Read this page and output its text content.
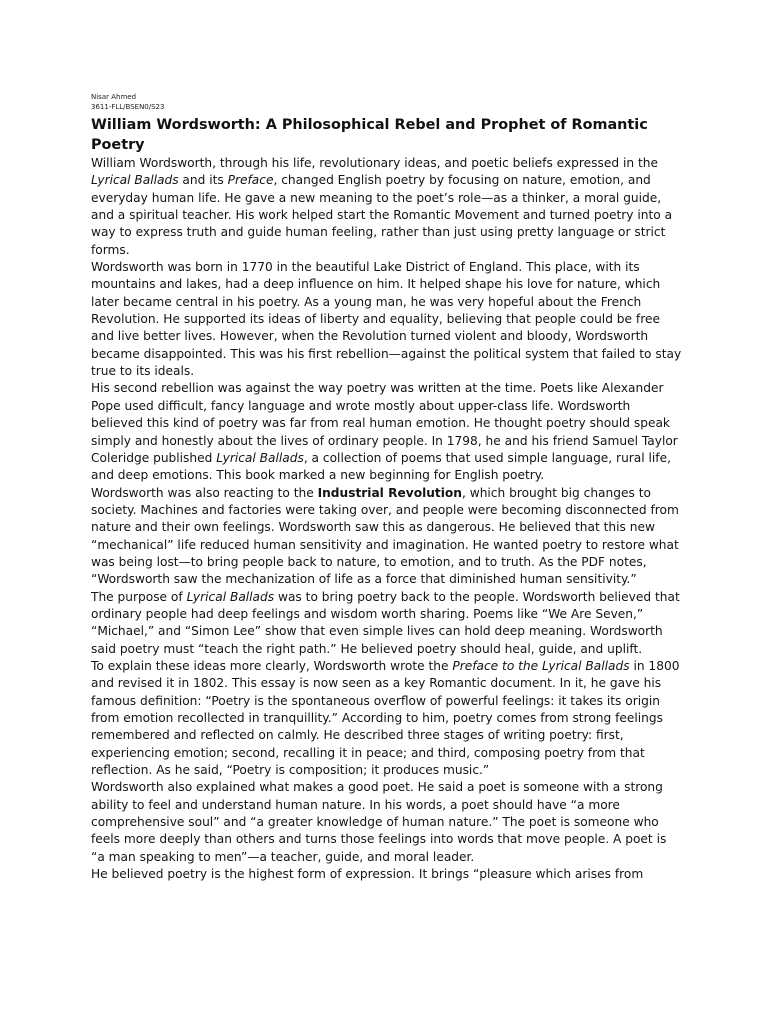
Nisar Ahmed
3611-FLL/BSEN0/S23
William Wordsworth: A Philosophical Rebel and Prophet of Romantic Poetry

William Wordsworth, through his life, revolutionary ideas, and poetic beliefs expressed in the Lyrical Ballads and its Preface, changed English poetry by focusing on nature, emotion, and everyday human life. He gave a new meaning to the poet’s role—as a thinker, a moral guide, and a spiritual teacher. His work helped start the Romantic Movement and turned poetry into a way to express truth and guide human feeling, rather than just using pretty language or strict forms.

Wordsworth was born in 1770 in the beautiful Lake District of England. This place, with its mountains and lakes, had a deep influence on him. It helped shape his love for nature, which later became central in his poetry. As a young man, he was very hopeful about the French Revolution. He supported its ideas of liberty and equality, believing that people could be free and live better lives. However, when the Revolution turned violent and bloody, Wordsworth became disappointed. This was his first rebellion—against the political system that failed to stay true to its ideals.

His second rebellion was against the way poetry was written at the time. Poets like Alexander Pope used difficult, fancy language and wrote mostly about upper-class life. Wordsworth believed this kind of poetry was far from real human emotion. He thought poetry should speak simply and honestly about the lives of ordinary people. In 1798, he and his friend Samuel Taylor Coleridge published Lyrical Ballads, a collection of poems that used simple language, rural life, and deep emotions. This book marked a new beginning for English poetry.

Wordsworth was also reacting to the Industrial Revolution, which brought big changes to society. Machines and factories were taking over, and people were becoming disconnected from nature and their own feelings. Wordsworth saw this as dangerous. He believed that this new “mechanical” life reduced human sensitivity and imagination. He wanted poetry to restore what was being lost—to bring people back to nature, to emotion, and to truth. As the PDF notes, “Wordsworth saw the mechanization of life as a force that diminished human sensitivity.”

The purpose of Lyrical Ballads was to bring poetry back to the people. Wordsworth believed that ordinary people had deep feelings and wisdom worth sharing. Poems like “We Are Seven,” “Michael,” and “Simon Lee” show that even simple lives can hold deep meaning. Wordsworth said poetry must “teach the right path.” He believed poetry should heal, guide, and uplift.

To explain these ideas more clearly, Wordsworth wrote the Preface to the Lyrical Ballads in 1800 and revised it in 1802. This essay is now seen as a key Romantic document. In it, he gave his famous definition: “Poetry is the spontaneous overflow of powerful feelings: it takes its origin from emotion recollected in tranquillity.” According to him, poetry comes from strong feelings remembered and reflected on calmly. He described three stages of writing poetry: first, experiencing emotion; second, recalling it in peace; and third, composing poetry from that reflection. As he said, “Poetry is composition; it produces music.”

Wordsworth also explained what makes a good poet. He said a poet is someone with a strong ability to feel and understand human nature. In his words, a poet should have “a more comprehensive soul” and “a greater knowledge of human nature.” The poet is someone who feels more deeply than others and turns those feelings into words that move people. A poet is “a man speaking to men”—a teacher, guide, and moral leader.

He believed poetry is the highest form of expression. It brings “pleasure which arises from
